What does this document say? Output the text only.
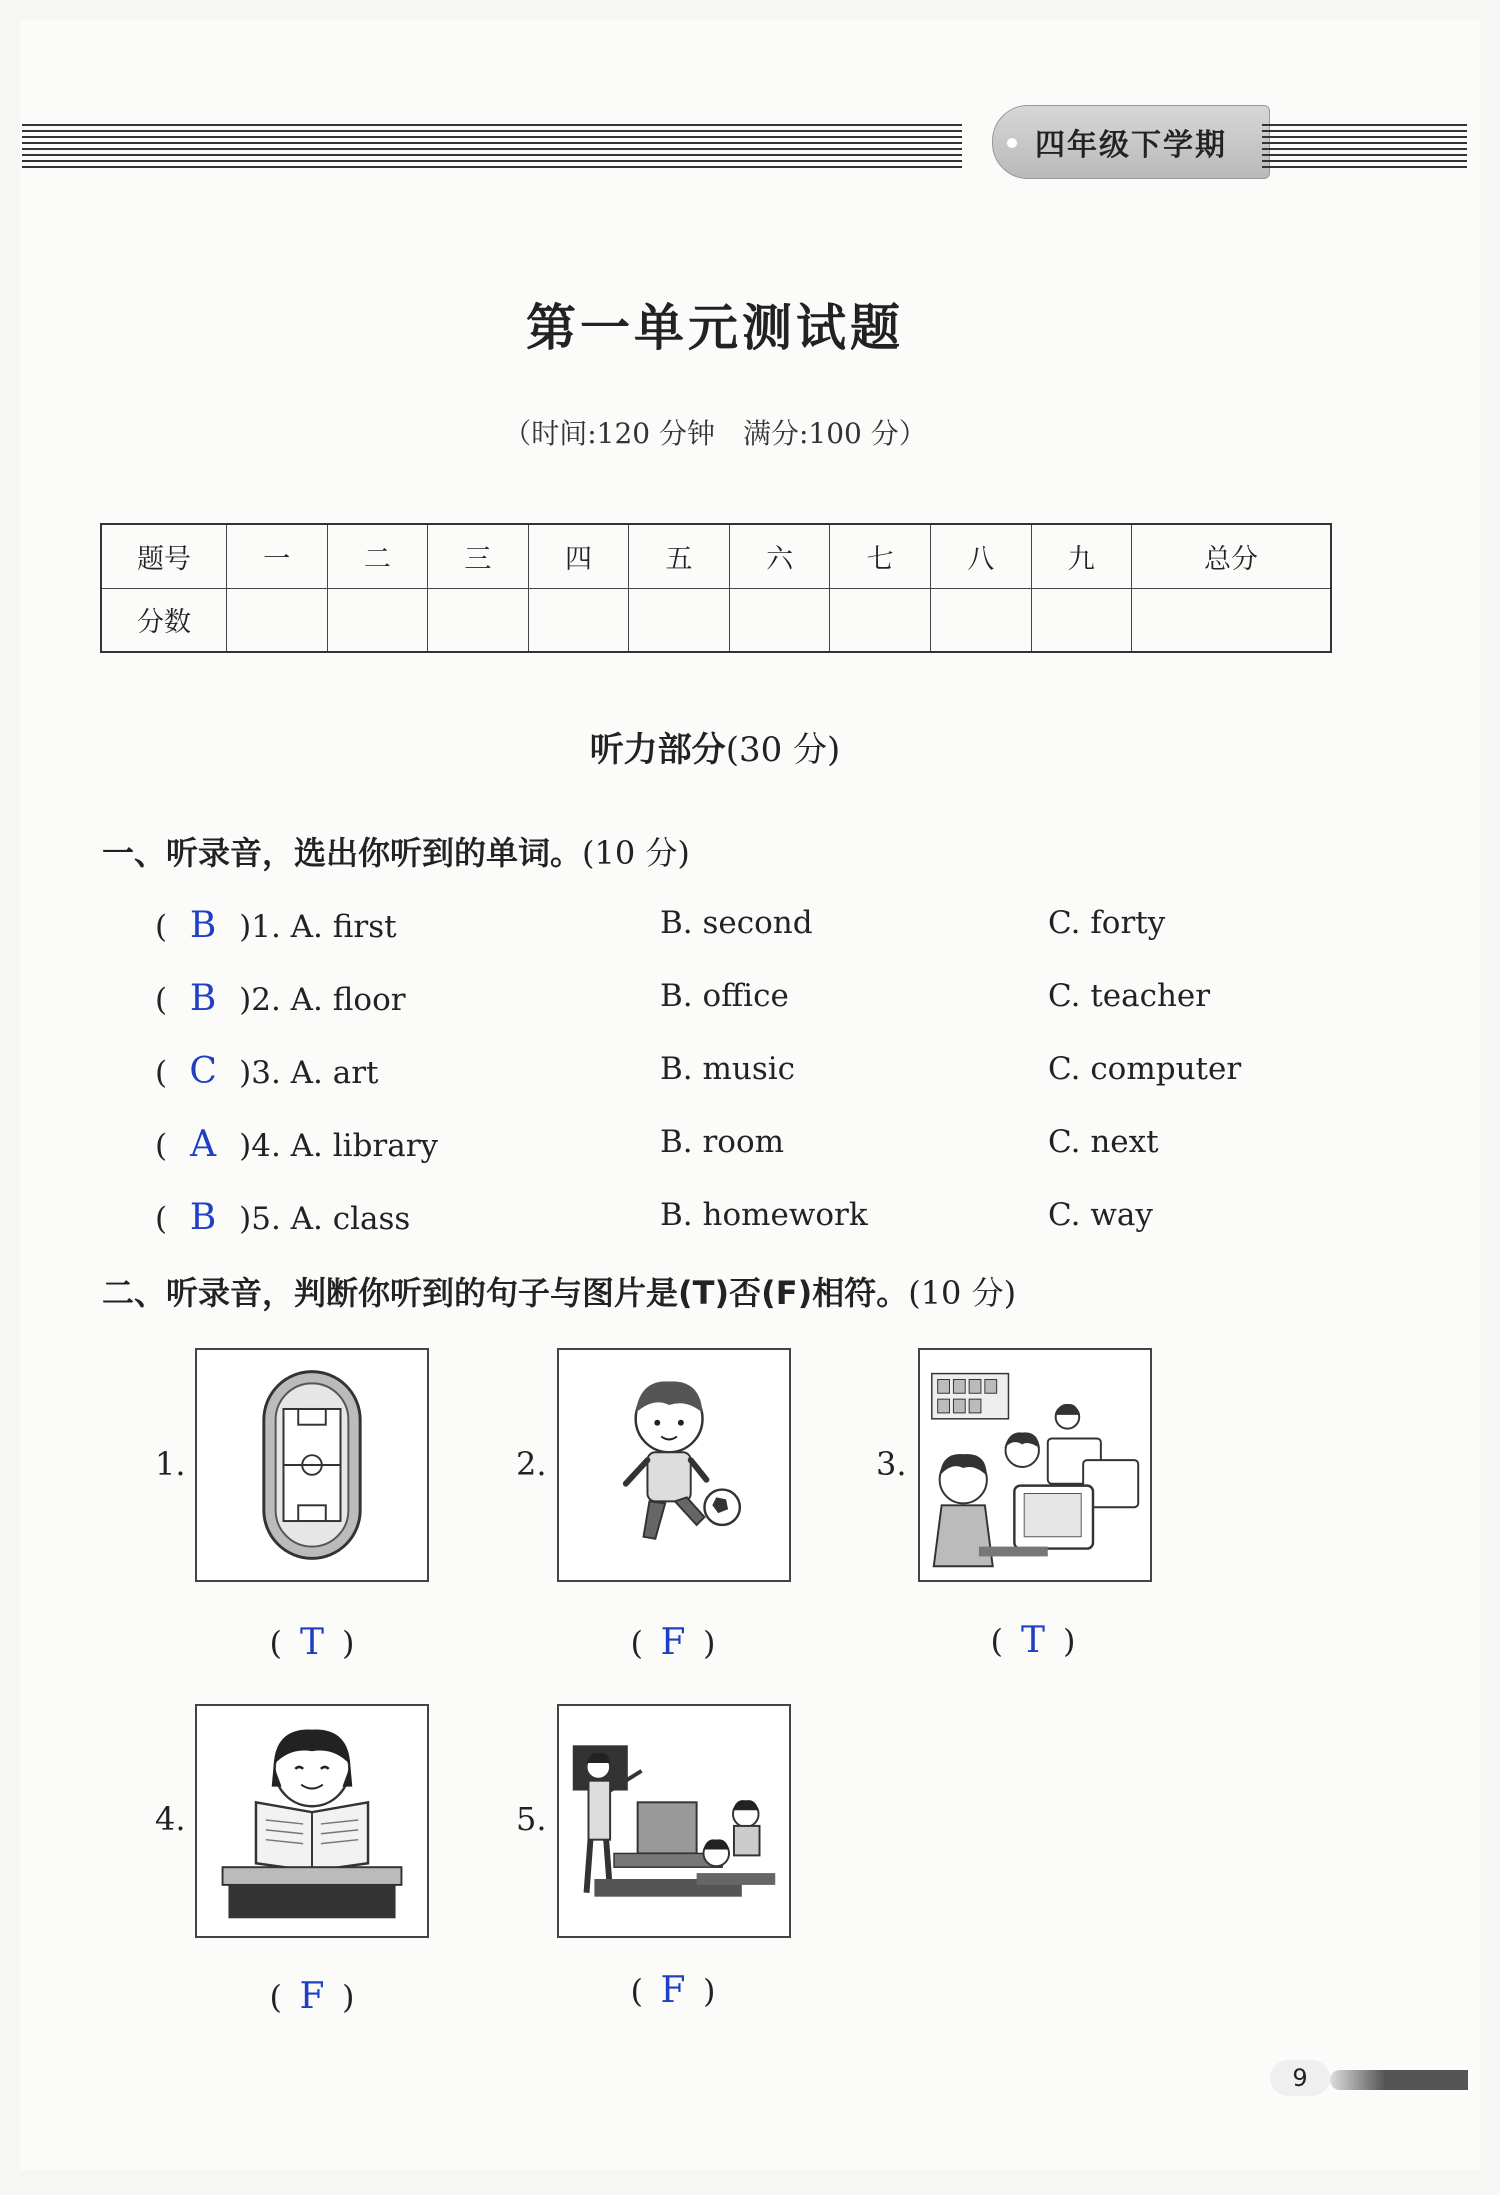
四年级下学期
第一单元测试题
（时间:120 分钟　满分:100 分）
题号	一	二	三	四	五	六	七	八	九	总分
分数										
听力部分(30 分)
一、听录音，选出你听到的单词。(10 分)
( B )1. A. first	B. second	C. forty
( B )2. A. floor	B. office	C. teacher
( C )3. A. art	B. music	C. computer
( A )4. A. library	B. room	C. next
( B )5. A. class	B. homework	C. way
二、听录音，判断你听到的句子与图片是(T)否(F)相符。(10 分)
1.
( T )
2.
( F )
3.
( T )
4.
( F )
5.
( F )
9
